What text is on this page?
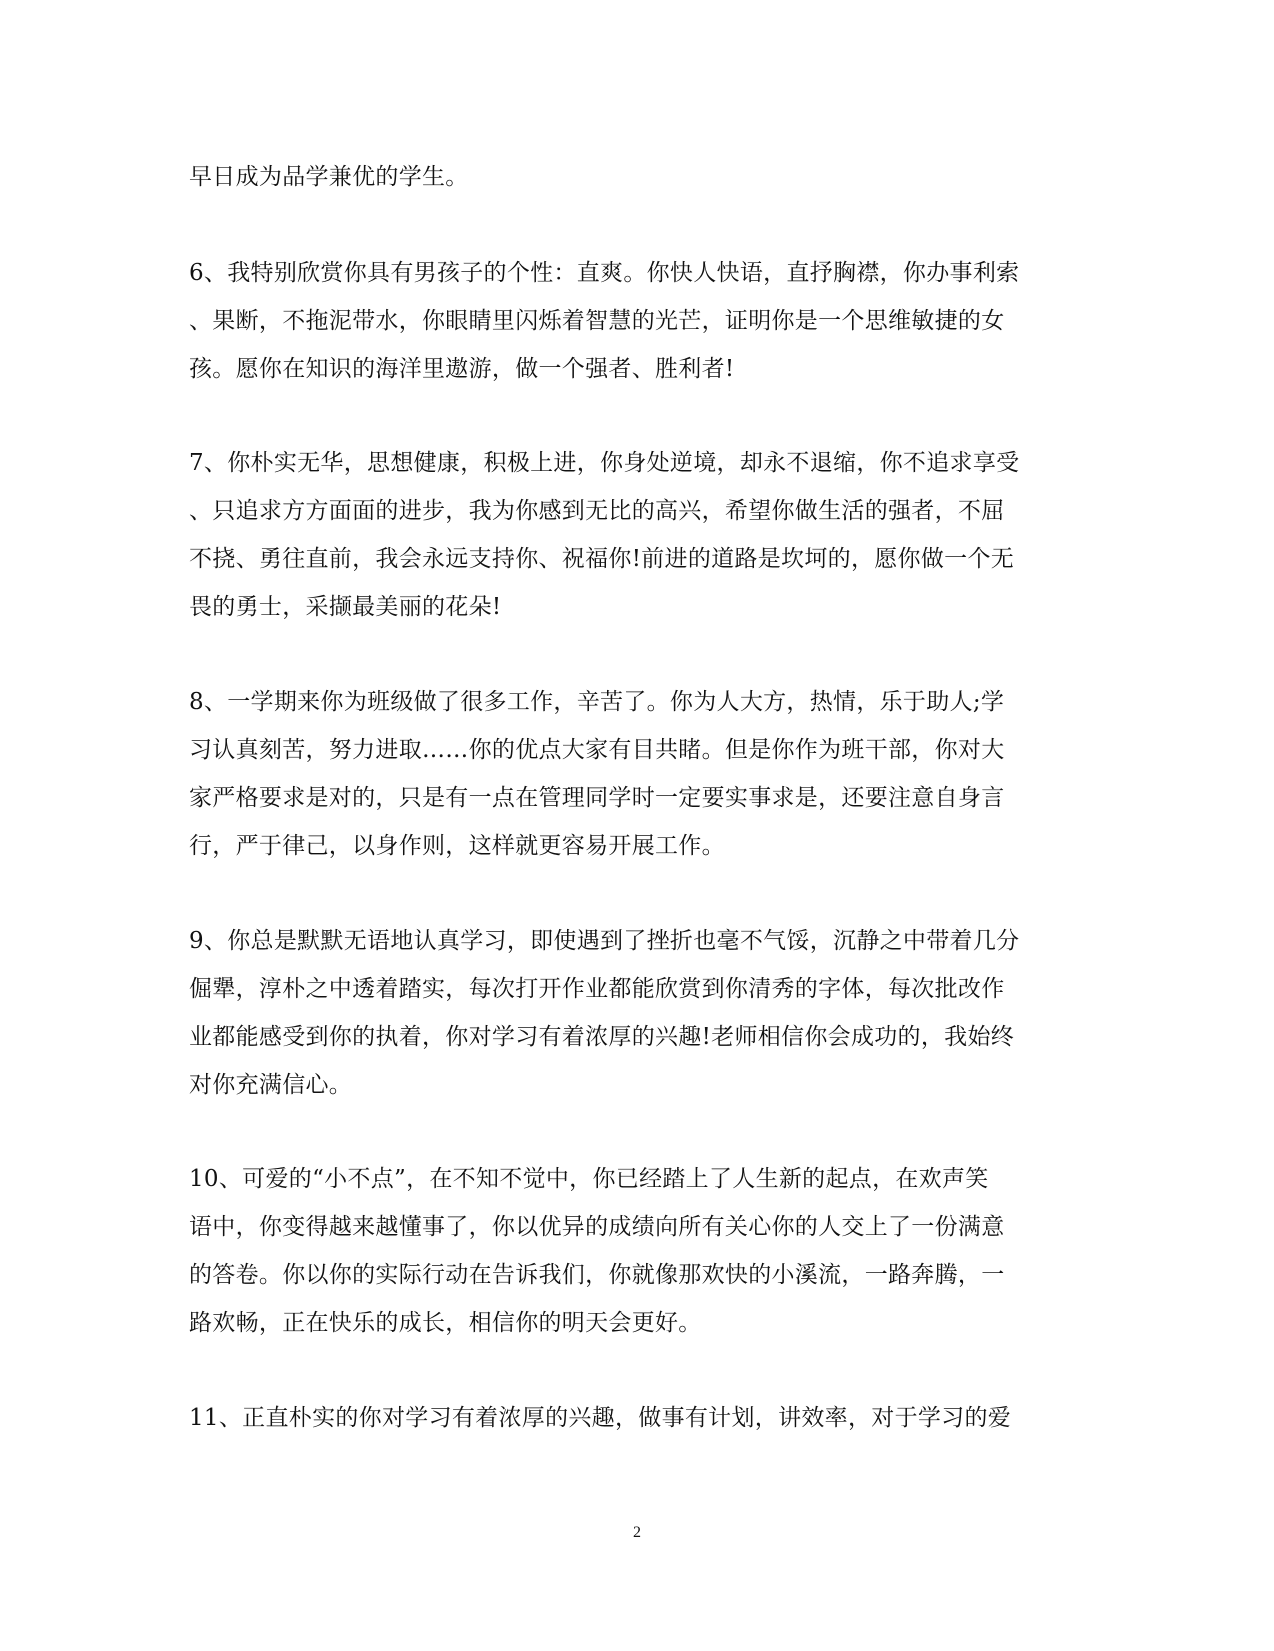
早日成为品学兼优的学生。
6、我特别欣赏你具有男孩子的个性：直爽。你快人快语，直抒胸襟，你办事利索
、果断，不拖泥带水，你眼睛里闪烁着智慧的光芒，证明你是一个思维敏捷的女
孩。愿你在知识的海洋里遨游，做一个强者、胜利者!
7、你朴实无华，思想健康，积极上进，你身处逆境，却永不退缩，你不追求享受
、只追求方方面面的进步，我为你感到无比的高兴，希望你做生活的强者，不屈
不挠、勇往直前，我会永远支持你、祝福你!前进的道路是坎坷的，愿你做一个无
畏的勇士，采撷最美丽的花朵!
8、一学期来你为班级做了很多工作，辛苦了。你为人大方，热情，乐于助人;学
习认真刻苦，努力进取……你的优点大家有目共睹。但是你作为班干部，你对大
家严格要求是对的，只是有一点在管理同学时一定要实事求是，还要注意自身言
行，严于律己，以身作则，这样就更容易开展工作。
9、你总是默默无语地认真学习，即使遇到了挫折也毫不气馁，沉静之中带着几分
倔犟，淳朴之中透着踏实，每次打开作业都能欣赏到你清秀的字体，每次批改作
业都能感受到你的执着，你对学习有着浓厚的兴趣!老师相信你会成功的，我始终
对你充满信心。
10、可爱的“小不点”，在不知不觉中，你已经踏上了人生新的起点，在欢声笑
语中，你变得越来越懂事了，你以优异的成绩向所有关心你的人交上了一份满意
的答卷。你以你的实际行动在告诉我们，你就像那欢快的小溪流，一路奔腾，一
路欢畅，正在快乐的成长，相信你的明天会更好。
11、正直朴实的你对学习有着浓厚的兴趣，做事有计划，讲效率，对于学习的爱
2
